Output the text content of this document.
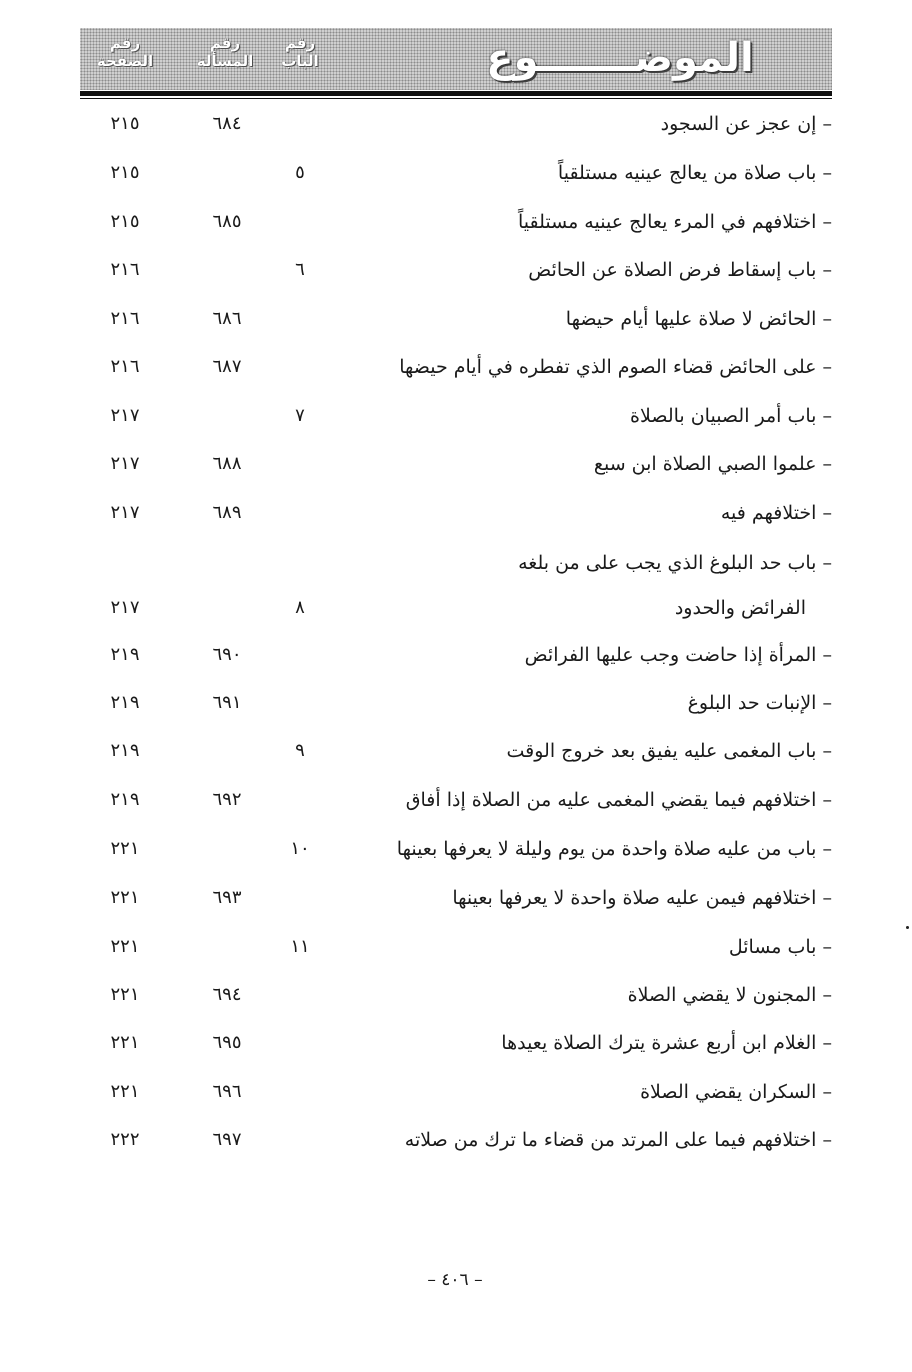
رقم
الصفحة
رقم
المسألة
رقم
الباب	الموضـــــــوع
– إن عجز عن السجود
٦٨٤
٢١٥
– باب صلاة من يعالج عينيه مستلقياً
٥
٢١٥
– اختلافهم في المرء يعالج عينيه مستلقياً
٦٨٥
٢١٥
– باب إسقاط فرض الصلاة عن الحائض
٦
٢١٦
– الحائض لا صلاة عليها أيام حيضها
٦٨٦
٢١٦
– على الحائض قضاء الصوم الذي تفطره في أيام حيضها
٦٨٧
٢١٦
– باب أمر الصبيان بالصلاة
٧
٢١٧
– علموا الصبي الصلاة ابن سبع
٦٨٨
٢١٧
– اختلافهم فيه
٦٨٩
٢١٧
– باب حد البلوغ الذي يجب على من بلغه
الفرائض والحدود
٨
٢١٧
– المرأة إذا حاضت وجب عليها الفرائض
٦٩٠
٢١٩
– الإنبات حد البلوغ
٦٩١
٢١٩
– باب المغمى عليه يفيق بعد خروج الوقت
٩
٢١٩
– اختلافهم فيما يقضي المغمى عليه من الصلاة إذا أفاق
٦٩٢
٢١٩
– باب من عليه صلاة واحدة من يوم وليلة لا يعرفها بعينها
١٠
٢٢١
– اختلافهم فيمن عليه صلاة واحدة لا يعرفها بعينها
٦٩٣
٢٢١
– باب مسائل
١١
٢٢١
– المجنون لا يقضي الصلاة
٦٩٤
٢٢١
– الغلام ابن أربع عشرة يترك الصلاة يعيدها
٦٩٥
٢٢١
– السكران يقضي الصلاة
٦٩٦
٢٢١
– اختلافهم فيما على المرتد من قضاء ما ترك من صلاته
٦٩٧
٢٢٢
– ٤٠٦ –
